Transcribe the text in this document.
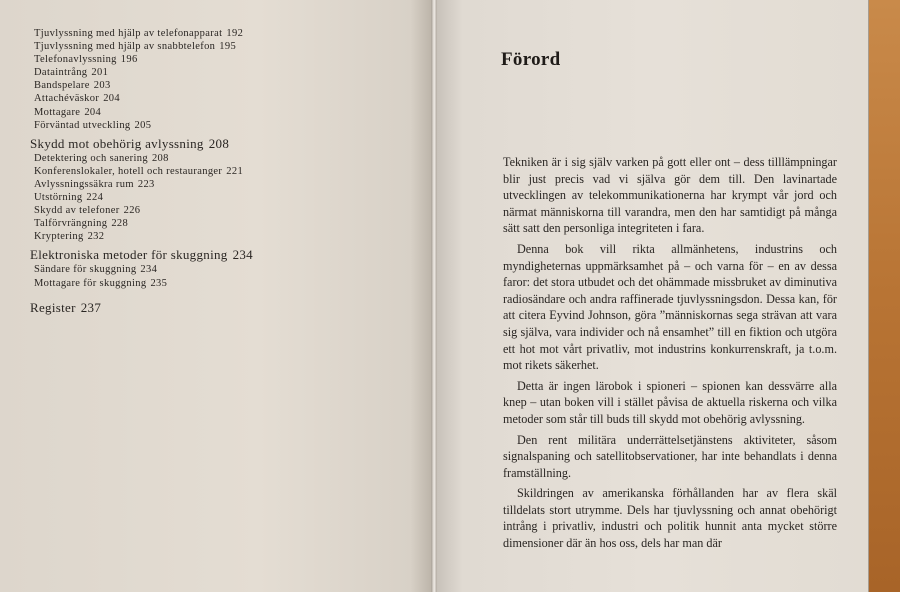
Tjuvlyssning med hjälp av telefonapparat 192
Tjuvlyssning med hjälp av snabbtelefon 195
Telefonavlyssning 196
Dataintrång 201
Bandspelare 203
Attachéväskor 204
Mottagare 204
Förväntad utveckling 205
Skydd mot obehörig avlyssning 208
Detektering och sanering 208
Konferenslokaler, hotell och restauranger 221
Avlyssningssäkra rum 223
Utstörning 224
Skydd av telefoner 226
Talförvrängning 228
Kryptering 232
Elektroniska metoder för skuggning 234
Sändare för skuggning 234
Mottagare för skuggning 235
Register 237
Förord

Tekniken är i sig själv varken på gott eller ont – dess tilllämpningar blir just precis vad vi själva gör dem till. Den lavinartade utvecklingen av telekommunikationerna har krympt vår jord och närmat människorna till varandra, men den har samtidigt på många sätt satt den personliga integriteten i fara.

Denna bok vill rikta allmänhetens, industrins och myndigheternas uppmärksamhet på – och varna för – en av dessa faror: det stora utbudet och det ohämmade missbruket av diminutiva radiosändare och andra raffinerade tjuvlyssningsdon. Dessa kan, för att citera Eyvind Johnson, göra ”människornas sega strävan att vara sig själva, vara individer och nå ensamhet” till en fiktion och utgöra ett hot mot vårt privatliv, mot industrins konkurrenskraft, ja t.o.m. mot rikets säkerhet.

Detta är ingen lärobok i spioneri – spionen kan dessvärre alla knep – utan boken vill i stället påvisa de aktuella riskerna och vilka metoder som står till buds till skydd mot obehörig avlyssning.

Den rent militära underrättelsetjänstens aktiviteter, såsom signalspaning och satellitobservationer, har inte behandlats i denna framställning.

Skildringen av amerikanska förhållanden har av flera skäl tilldelats stort utrymme. Dels har tjuvlyssning och annat obehörigt intrång i privatliv, industri och politik hunnit anta mycket större dimensioner där än hos oss, dels har man där
